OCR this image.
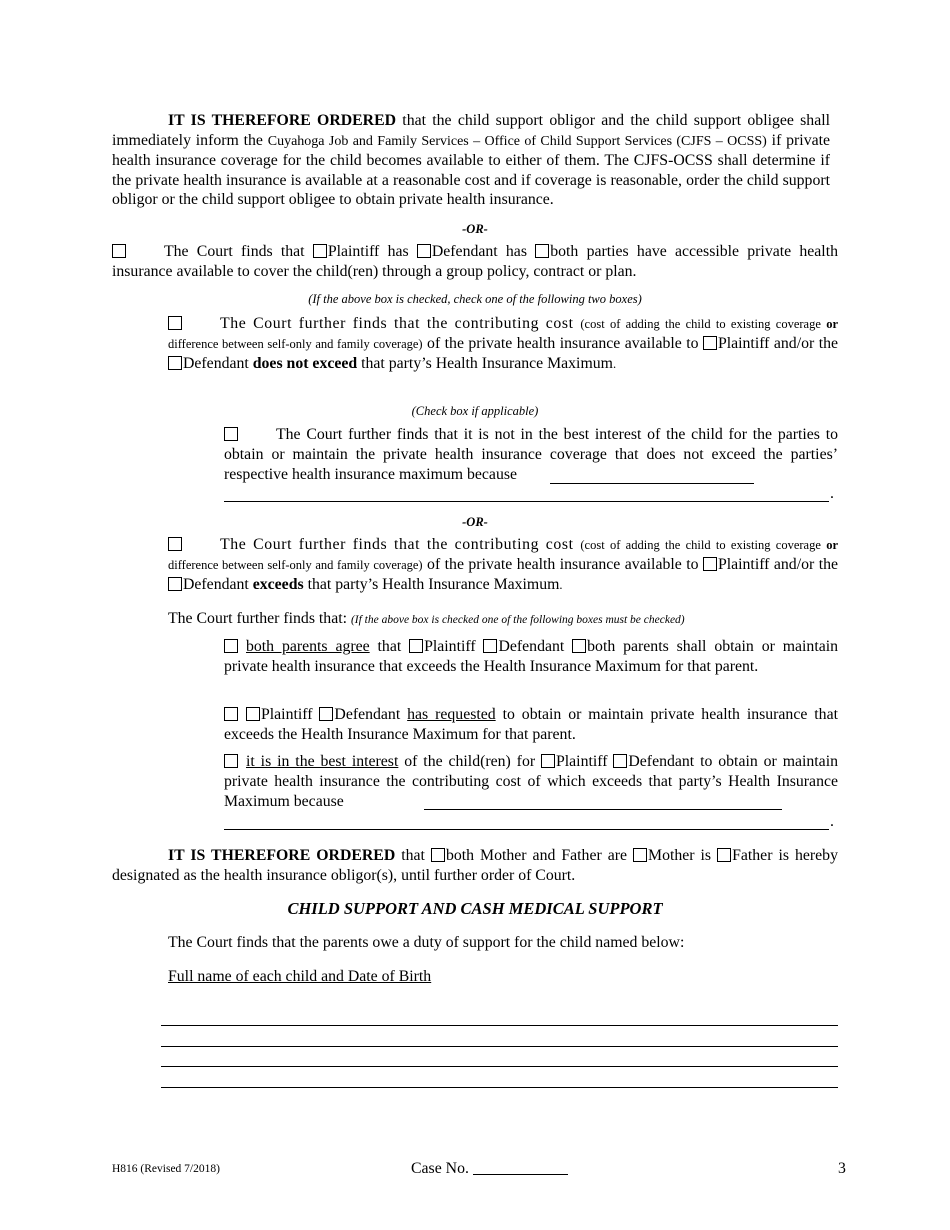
IT IS THEREFORE ORDERED that the child support obligor and the child support obligee shall immediately inform the Cuyahoga Job and Family Services – Office of Child Support Services (CJFS – OCSS) if private health insurance coverage for the child becomes available to either of them. The CJFS-OCSS shall determine if the private health insurance is available at a reasonable cost and if coverage is reasonable, order the child support obligor or the child support obligee to obtain private health insurance.
-OR-
The Court finds that Plaintiff has Defendant has both parties have accessible private health insurance available to cover the child(ren) through a group policy, contract or plan.
(If the above box is checked, check one of the following two boxes)
The Court further finds that the contributing cost (cost of adding the child to existing coverage or difference between self-only and family coverage) of the private health insurance available to Plaintiff and/or the Defendant does not exceed that party’s Health Insurance Maximum.
(Check box if applicable)
The Court further finds that it is not in the best interest of the child for the parties to obtain or maintain the private health insurance coverage that does not exceed the parties’ respective health insurance maximum because
.
-OR-
The Court further finds that the contributing cost (cost of adding the child to existing coverage or difference between self-only and family coverage) of the private health insurance available to Plaintiff and/or the Defendant exceeds that party’s Health Insurance Maximum.
The Court further finds that: (If the above box is checked one of the following boxes must be checked)
both parents agree that Plaintiff Defendant both parents shall obtain or maintain private health insurance that exceeds the Health Insurance Maximum for that parent.
Plaintiff Defendant has requested to obtain or maintain private health insurance that exceeds the Health Insurance Maximum for that parent.
it is in the best interest of the child(ren) for Plaintiff Defendant to obtain or maintain private health insurance the contributing cost of which exceeds that party’s Health Insurance Maximum because
.
IT IS THEREFORE ORDERED that both Mother and Father are Mother is Father is hereby designated as the health insurance obligor(s), until further order of Court.
CHILD SUPPORT AND CASH MEDICAL SUPPORT
The Court finds that the parents owe a duty of support for the child named below:
Full name of each child and Date of Birth
H816 (Revised 7/2018)	Case No.	3
